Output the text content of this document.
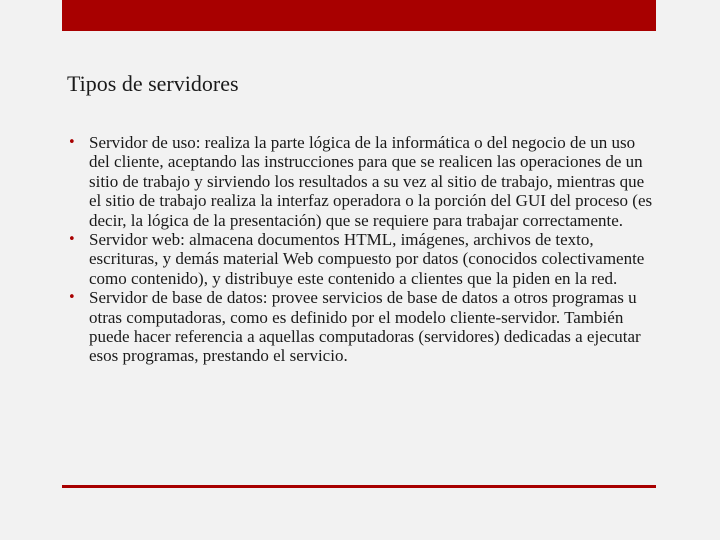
Tipos de servidores
• Servidor de uso: realiza la parte lógica de la informática o del negocio de un uso del cliente, aceptando las instrucciones para que se realicen las operaciones de un sitio de trabajo y sirviendo los resultados a su vez al sitio de trabajo, mientras que el sitio de trabajo realiza la interfaz operadora o la porción del GUI del proceso (es decir, la lógica de la presentación) que se requiere para trabajar correctamente.
• Servidor web: almacena documentos HTML, imágenes, archivos de texto, escrituras, y demás material Web compuesto por datos (conocidos colectivamente como contenido), y distribuye este contenido a clientes que la piden en la red.
• Servidor de base de datos: provee servicios de base de datos a otros programas u otras computadoras, como es definido por el modelo cliente-servidor. También puede hacer referencia a aquellas computadoras (servidores) dedicadas a ejecutar esos programas, prestando el servicio.
